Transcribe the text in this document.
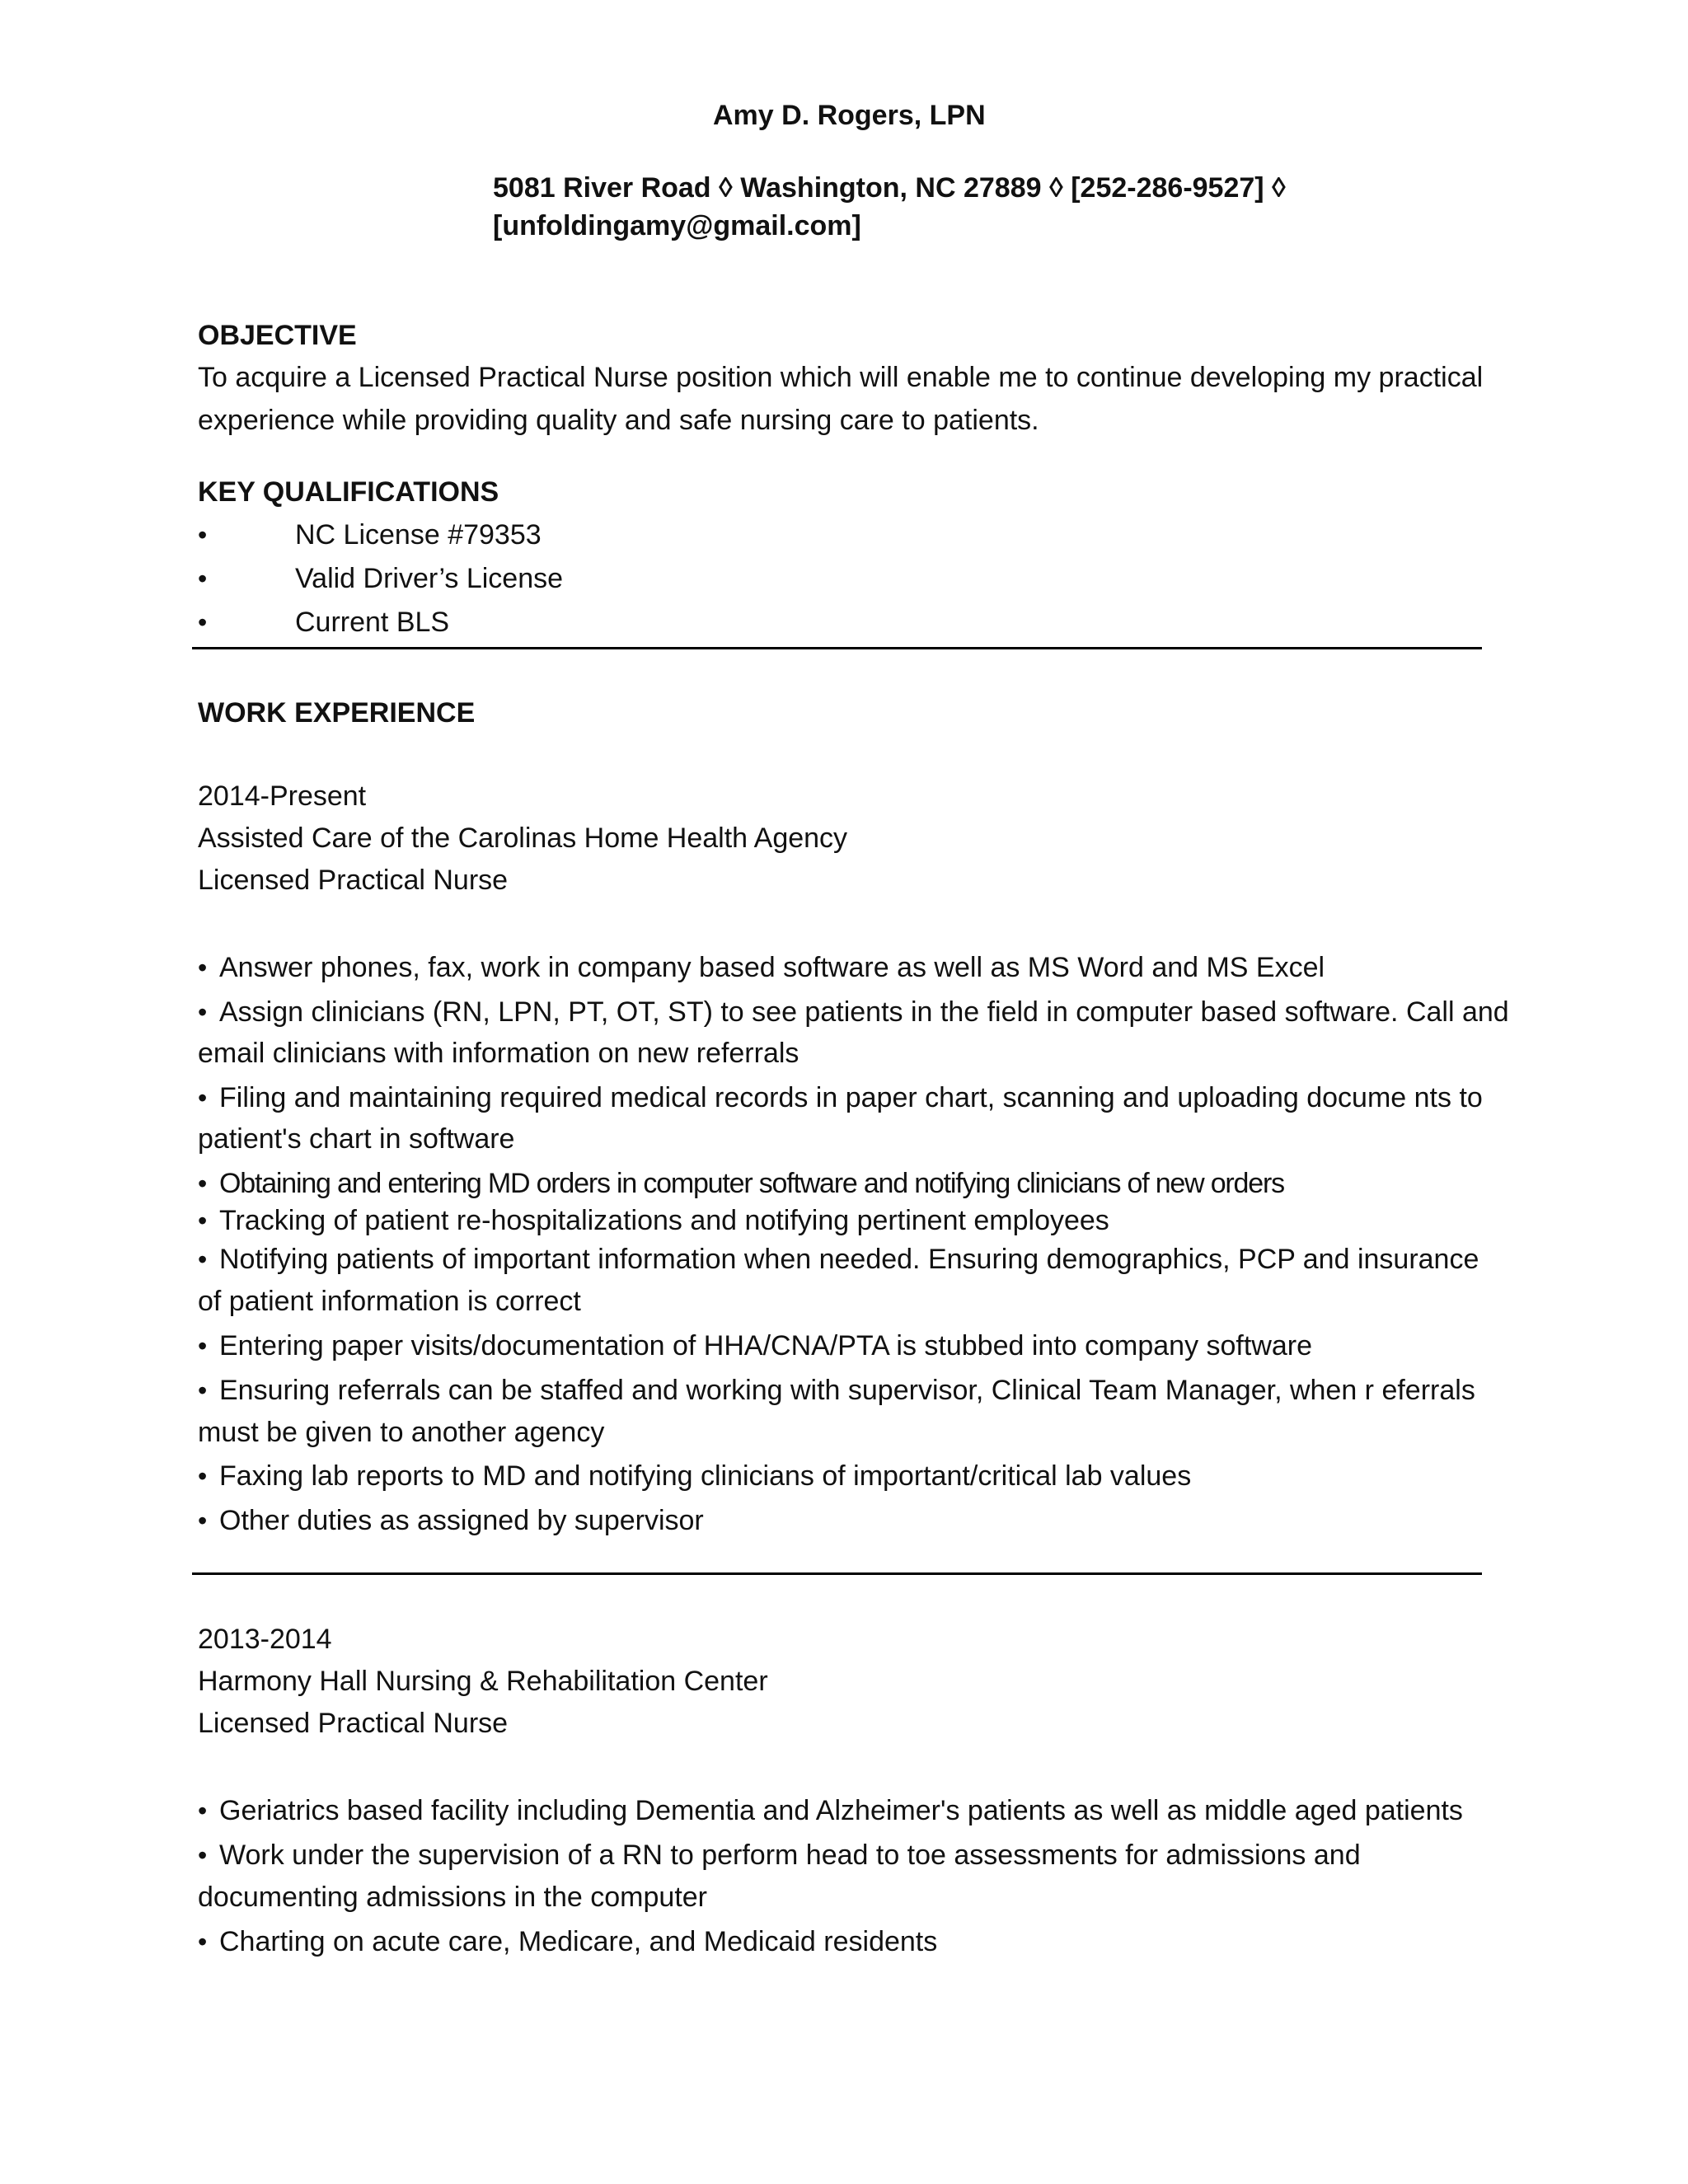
Amy D. Rogers, LPN
5081 River Road ◊ Washington, NC 27889 ◊ [252-286-9527] ◊
[unfoldingamy@gmail.com]
OBJECTIVE
To acquire a Licensed Practical Nurse position which will enable me to continue developing my practical
experience while providing quality and safe nursing care to patients.
KEY QUALIFICATIONS
•	NC License #79353
•	Valid Driver’s License
•	Current BLS
WORK EXPERIENCE
2014-Present
Assisted Care of the Carolinas Home Health Agency
Licensed Practical Nurse
• Answer phones, fax, work in company based software as well as MS Word and MS Excel
• Assign clinicians (RN, LPN, PT, OT, ST) to see patients in the field in computer based software. Call and
email clinicians with information on new referrals
• Filing and maintaining required medical records in paper chart, scanning and uploading docume nts to
patient's chart in software
• Obtaining and entering MD orders in computer software and notifying clinicians of new orders
• Tracking of patient re-hospitalizations and notifying pertinent employees
• Notifying patients of important information when needed. Ensuring demographics, PCP and insurance
of patient information is correct
• Entering paper visits/documentation of HHA/CNA/PTA is stubbed into company software
• Ensuring referrals can be staffed and working with supervisor, Clinical Team Manager, when r eferrals
must be given to another agency
• Faxing lab reports to MD and notifying clinicians of important/critical lab values
• Other duties as assigned by supervisor
2013-2014
Harmony Hall Nursing & Rehabilitation Center
Licensed Practical Nurse
• Geriatrics based facility including Dementia and Alzheimer's patients as well as middle aged patients
• Work under the supervision of a RN to perform head to toe assessments for admissions and
documenting admissions in the computer
• Charting on acute care, Medicare, and Medicaid residents
